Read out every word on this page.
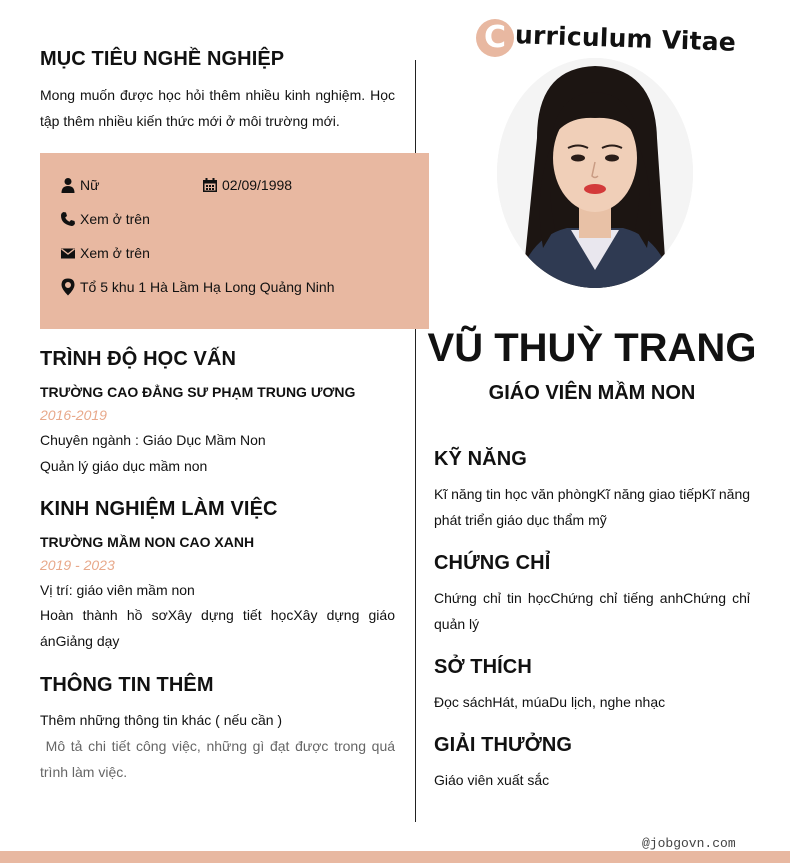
@jobgovn.com
C urriculum Vitae
MỤC TIÊU NGHỀ NGHIỆP
Mong muốn được học hỏi thêm nhiều kinh nghiệm. Học tập thêm nhiều kiến thức mới ở môi trường mới.
Nữ	02/09/1998
Xem ở trên
Xem ở trên
Tổ 5 khu 1 Hà Lầm Hạ Long Quảng Ninh
TRÌNH ĐỘ HỌC VẤN
TRƯỜNG CAO ĐẲNG SƯ PHẠM TRUNG ƯƠNG
2016-2019
Chuyên ngành : Giáo Dục Mầm Non
Quản lý giáo dục mầm non
KINH NGHIỆM LÀM VIỆC
TRƯỜNG MẦM NON CAO XANH
2019 - 2023
Vị trí: giáo viên mầm non
Hoàn thành hồ sơXây dựng tiết họcXây dựng giáo ánGiảng dạy
THÔNG TIN THÊM
Thêm những thông tin khác ( nếu cần )
Mô tả chi tiết công việc, những gì đạt được trong quá trình làm việc.
VŨ THUỲ TRANG
GIÁO VIÊN MẦM NON
KỸ NĂNG
Kĩ năng tin học văn phòngKĩ năng giao tiếpKĩ năng phát triển giáo dục thẩm mỹ
CHỨNG CHỈ
Chứng chỉ tin họcChứng chỉ tiếng anhChứng chỉ quản lý
SỞ THÍCH
Đọc sáchHát, múaDu lịch, nghe nhạc
GIẢI THƯỞNG
Giáo viên xuất sắc
